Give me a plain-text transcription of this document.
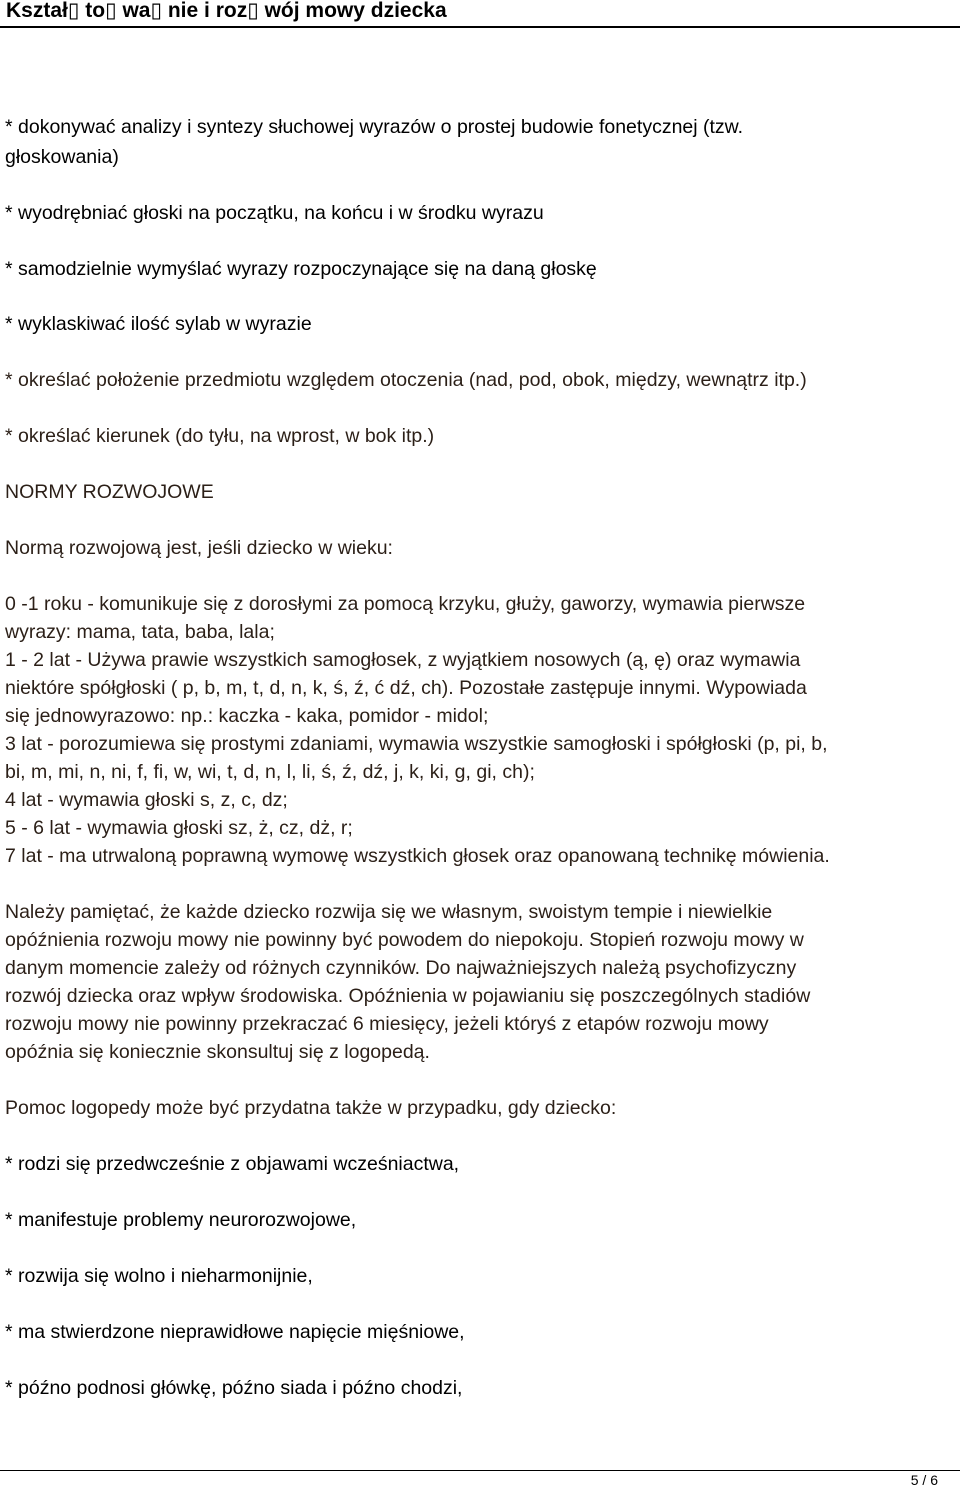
Kształ▯ to▯ wa▯ nie i roz▯ wój mowy dziecka
* dokonywać analizy i syntezy słuchowej wyrazów o prostej budowie fonetycznej (tzw.
głoskowania)
* wyodrębniać głoski na początku, na końcu i w środku wyrazu
* samodzielnie wymyślać wyrazy rozpoczynające się na daną głoskę
* wyklaskiwać ilość sylab w wyrazie
* określać położenie przedmiotu względem otoczenia (nad, pod, obok, między, wewnątrz itp.)
* określać kierunek (do tyłu, na wprost, w bok itp.)
NORMY ROZWOJOWE
Normą rozwojową jest, jeśli dziecko w wieku:
0 -1 roku - komunikuje się z dorosłymi za pomocą krzyku, głuży, gaworzy, wymawia pierwsze
wyrazy: mama, tata, baba, lala;
1 - 2 lat - Używa prawie wszystkich samogłosek, z wyjątkiem nosowych (ą, ę) oraz wymawia
niektóre spółgłoski ( p, b, m, t, d, n, k, ś, ź, ć dź, ch). Pozostałe zastępuje innymi. Wypowiada
się jednowyrazowo: np.: kaczka - kaka, pomidor - midol;
3 lat - porozumiewa się prostymi zdaniami, wymawia wszystkie samogłoski i spółgłoski (p, pi, b,
bi, m, mi, n, ni, f, fi, w, wi, t, d, n, l, li, ś, ź, dź, j, k, ki, g, gi, ch);
4 lat - wymawia głoski s, z, c, dz;
5 - 6 lat - wymawia głoski sz, ż, cz, dż, r;
7 lat - ma utrwaloną poprawną wymowę wszystkich głosek oraz opanowaną technikę mówienia.
Należy pamiętać, że każde dziecko rozwija się we własnym, swoistym tempie i niewielkie
opóźnienia rozwoju mowy nie powinny być powodem do niepokoju. Stopień rozwoju mowy w
danym momencie zależy od różnych czynników. Do najważniejszych należą psychofizyczny
rozwój dziecka oraz wpływ środowiska. Opóźnienia w pojawianiu się poszczególnych stadiów
rozwoju mowy nie powinny przekraczać 6 miesięcy, jeżeli któryś z etapów rozwoju mowy
opóźnia się koniecznie skonsultuj się z logopedą.
Pomoc logopedy może być przydatna także w przypadku, gdy dziecko:
* rodzi się przedwcześnie z objawami wcześniactwa,
* manifestuje problemy neurorozwojowe,
* rozwija się wolno i nieharmonijnie,
* ma stwierdzone nieprawidłowe napięcie mięśniowe,
* późno podnosi główkę, późno siada i późno chodzi,
5 / 6
